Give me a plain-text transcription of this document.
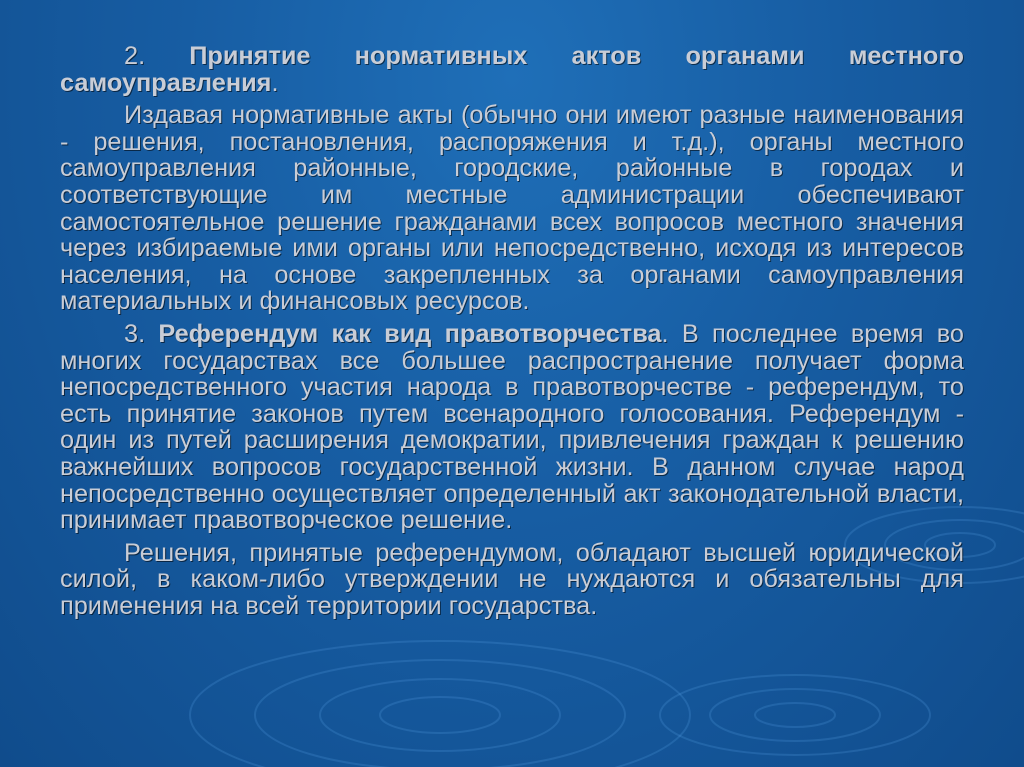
2. Принятие нормативных актов органами местного самоуправления.

Издавая нормативные акты (обычно они имеют разные наименования - решения, постановления, распоряжения и т.д.), органы местного самоуправления районные, городские, районные в городах и соответствующие им местные администрации обеспечивают самостоятельное решение гражданами всех вопросов местного значения через избираемые ими органы или непосредственно, исходя из интересов населения, на основе закрепленных за органами самоуправления материальных и финансовых ресурсов.

3. Референдум как вид правотворчества. В последнее время во многих государствах все большее распространение получает форма непосредственного участия народа в правотворчестве - референдум, то есть принятие законов путем всенародного голосования. Референдум - один из путей расширения демократии, привлечения граждан к решению важнейших вопросов государственной жизни. В данном случае народ непосредственно осуществляет определенный акт законодательной власти, принимает правотворческое решение.

Решения, принятые референдумом, обладают высшей юридической силой, в каком-либо утверждении не нуждаются и обязательны для применения на всей территории государства.
